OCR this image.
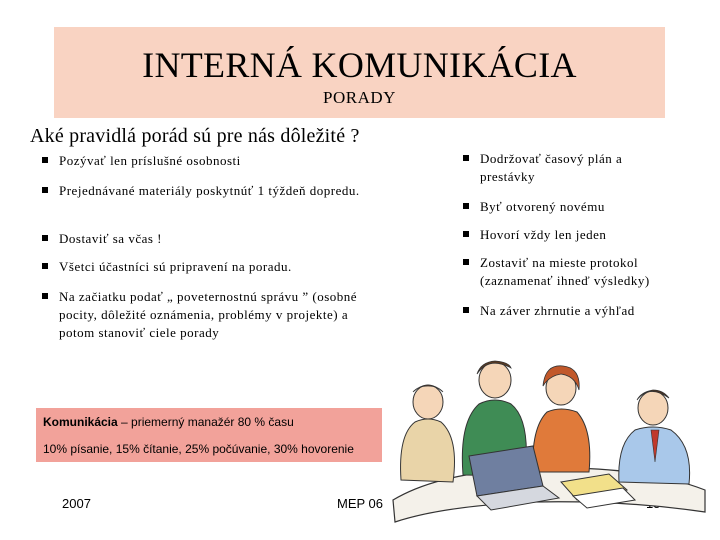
INTERNÁ KOMUNIKÁCIA
PORADY
Aké pravidlá porád sú pre nás dôležité ?
Pozývať len príslušné osobnosti
Prejednávané materiály poskytnúť 1 týždeň dopredu.
Dostaviť sa včas !
Všetci účastníci sú pripravení na poradu.
Na začiatku podať „ poveternostnú správu ” (osobné pocity, dôležité oznámenia, problémy v projekte) a potom stanoviť ciele porady
Dodržovať časový plán a prestávky
Byť otvorený novému
Hovorí vždy len jeden
Zostaviť na mieste protokol (zaznamenať ihneď výsledky)
Na záver zhrnutie a výhľad
Komunikácia – priemerný manažér 80 % času
10% písanie, 15% čítanie, 25% počúvanie, 30% hovorenie
2007	MEP 06
